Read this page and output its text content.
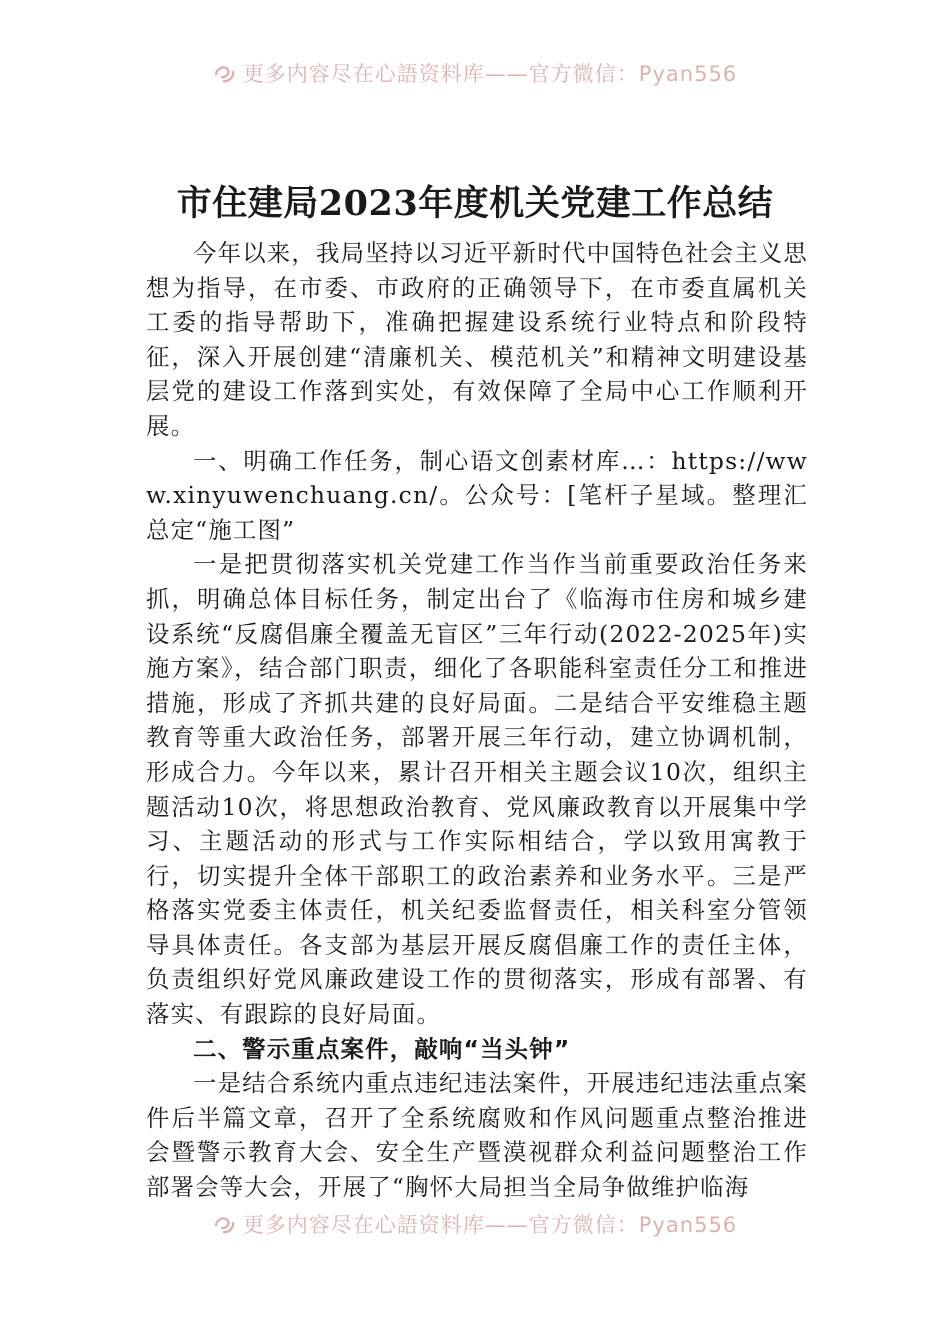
更多内容尽在心語资料库——官方微信：Pyan556
市住建局2023年度机关党建工作总结

今年以来，我局坚持以习近平新时代中国特色社会主义思想为指导，在市委、市政府的正确领导下，在市委直属机关工委的指导帮助下，准确把握建设系统行业特点和阶段特征，深入开展创建“清廉机关、模范机关”和精神文明建设基层党的建设工作落到实处，有效保障了全局中心工作顺利开展。

一、明确工作任务，制心语文创素材库…：https://www.xinyuwenchuang.cn/。公众号：[笔杆子星域。整理汇总定“施工图”

一是把贯彻落实机关党建工作当作当前重要政治任务来抓，明确总体目标任务，制定出台了《临海市住房和城乡建设系统“反腐倡廉全覆盖无盲区”三年行动(2022-2025年)实施方案》，结合部门职责，细化了各职能科室责任分工和推进措施，形成了齐抓共建的良好局面。二是结合平安维稳主题教育等重大政治任务，部署开展三年行动，建立协调机制，形成合力。今年以来，累计召开相关主题会议10次，组织主题活动10次，将思想政治教育、党风廉政教育以开展集中学习、主题活动的形式与工作实际相结合，学以致用寓教于行，切实提升全体干部职工的政治素养和业务水平。三是严格落实党委主体责任，机关纪委监督责任，相关科室分管领导具体责任。各支部为基层开展反腐倡廉工作的责任主体，负责组织好党风廉政建设工作的贯彻落实，形成有部署、有落实、有跟踪的良好局面。

二、警示重点案件，敲响“当头钟”

一是结合系统内重点违纪违法案件，开展违纪违法重点案件后半篇文章，召开了全系统腐败和作风问题重点整治推进会暨警示教育大会、安全生产暨漠视群众利益问题整治工作部署会等大会，开展了“胸怀大局担当全局争做维护临海

更多内容尽在心語资料库——官方微信：Pyan556
